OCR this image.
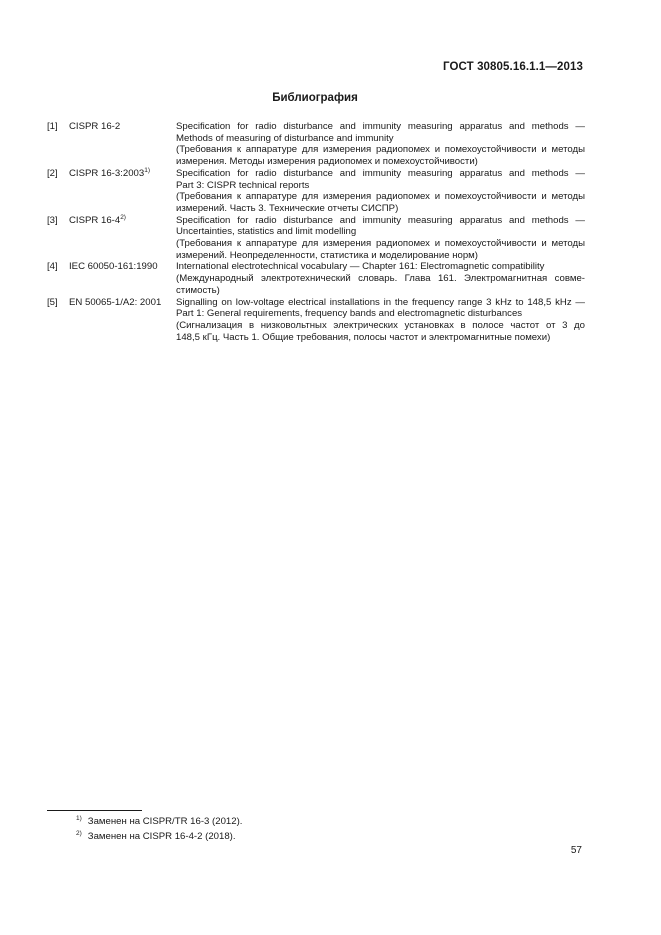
ГОСТ 30805.16.1.1—2013
Библиография
[1]	CISPR 16-2	Specification for radio disturbance and immunity measuring apparatus and methods —
Methods of measuring of disturbance and immunity
(Требования к аппаратуре для измерения радиопомех и помехоустойчивости и методы
измерения. Методы измерения радиопомех и помехоустойчивости)
[2]	CISPR 16-3:2003$^{1)}$	Specification for radio disturbance and immunity measuring apparatus and methods —
Part 3: CISPR technical reports
(Требования к аппаратуре для измерения радиопомех и помехоустойчивости и методы
измерений. Часть 3. Технические отчеты СИСПР)
[3]	CISPR 16-4$^{2)}$	Specification for radio disturbance and immunity measuring apparatus and methods —
Uncertainties, statistics and limit modelling
(Требования к аппаратуре для измерения радиопомех и помехоустойчивости и методы
измерений. Неопределенности, статистика и моделирование норм)
[4]	IEC 60050-161:1990	International electrotechnical vocabulary — Chapter 161: Electromagnetic compatibility
(Международный электротехнический словарь. Глава 161. Электромагнитная совме-
стимость)
[5]	EN 50065-1/A2: 2001	Signalling on low-voltage electrical installations in the frequency range 3 kHz to 148,5 kHz —
Part 1: General requirements, frequency bands and electromagnetic disturbances
(Сигнализация в низковольтных электрических установках в полосе частот от 3 до
148,5 кГц. Часть 1. Общие требования, полосы частот и электромагнитные помехи)
$^{1)}$ Заменен на CISPR/TR 16-3 (2012).
$^{2)}$ Заменен на CISPR 16-4-2 (2018).
57
